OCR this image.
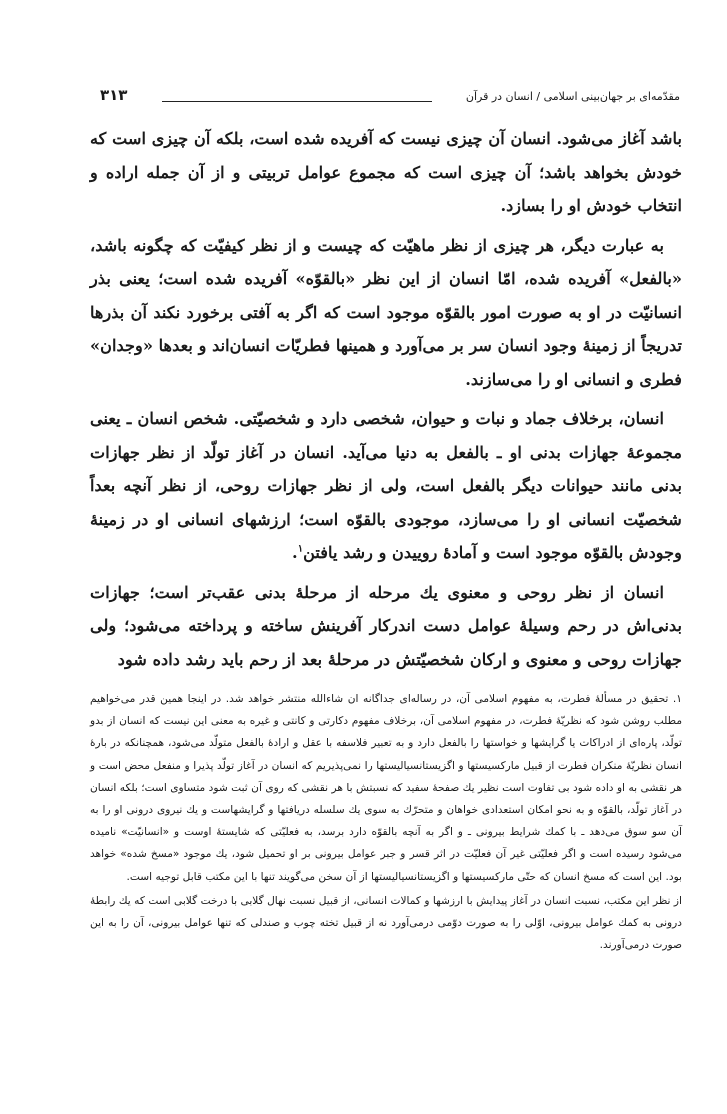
مقدّمه‌ای بر جهان‌بینی اسلامی / انسان در قرآن
۳۱۳

باشد آغاز می‌شود. انسان آن چیزی نیست که آفریده شده است، بلکه آن چیزی است که خودش بخواهد باشد؛ آن چیزی است که مجموع عوامل تربیتی و از آن جمله اراده و انتخاب خودش او را بسازد.

به عبارت دیگر، هر چیزی از نظر ماهیّت که چیست و از نظر کیفیّت که چگونه باشد، «بالفعل» آفریده شده، امّا انسان از این نظر «بالقوّه» آفریده شده است؛ یعنی بذر انسانیّت در او به صورت امور بالقوّه موجود است که اگر به آفتی برخورد نکند آن بذرها تدریجاً از زمینهٔ وجود انسان سر بر می‌آورد و همینها فطریّات انسان‌اند و بعدها «وجدان» فطری و انسانی او را می‌سازند.

انسان، برخلاف جماد و نبات و حیوان، شخصی دارد و شخصیّتی. شخص انسان ـ یعنی مجموعهٔ جهازات بدنی او ـ بالفعل به دنیا می‌آید. انسان در آغاز تولّد از نظر جهازات بدنی مانند حیوانات دیگر بالفعل است، ولی از نظر جهازات روحی، از نظر آنچه بعداً شخصیّت انسانی او را می‌سازد، موجودی بالقوّه است؛ ارزشهای انسانی او در زمینهٔ وجودش بالقوّه موجود است و آمادهٔ روییدن و رشد یافتن$^۱$.

انسان از نظر روحی و معنوی یك مرحله از مرحلهٔ بدنی عقب‌تر است؛ جهازات بدنی‌اش در رحم وسیلهٔ عوامل دست اندرکار آفرینش ساخته و پرداخته می‌شود؛ ولی جهازات روحی و معنوی و ارکان شخصیّتش در مرحلهٔ بعد از رحم باید رشد داده شود

۱. تحقیق در مسألهٔ فطرت، به مفهوم اسلامی آن، در رساله‌ای جداگانه ان شاءالله منتشر خواهد شد. در اینجا همین قدر می‌خواهیم مطلب روشن شود که نظریّهٔ فطرت، در مفهوم اسلامی آن، برخلاف مفهوم دکارتی و کانتی و غیره به معنی این نیست که انسان از بدو تولّد، پاره‌ای از ادراکات یا گرایشها و خواستها را بالفعل دارد و به تعبیر فلاسفه با عقل و ارادهٔ بالفعل متولّد می‌شود، همچنانکه در بارهٔ انسان نظریّهٔ منکران فطرت از قبیل مارکسیستها و اگزیستانسیالیستها را نمی‌پذیریم که انسان در آغاز تولّد پذیرا و منفعل محض است و هر نقشی به او داده شود بی تفاوت است نظیر یك صفحهٔ سفید که نسبتش با هر نقشی که روی آن ثبت شود متساوی است؛ بلکه انسان در آغاز تولّد، بالقوّه و به نحو امکان استعدادی خواهان و متحرّك به سوی یك سلسله دریافتها و گرایشهاست و یك نیروی درونی او را به آن سو سوق می‌دهد ـ با کمك شرایط بیرونی ـ و اگر به آنچه بالقوّه دارد برسد، به فعلیّتی که شایستهٔ اوست و «انسانیّت» نامیده می‌شود رسیده است و اگر فعلیّتی غیر آن فعلیّت در اثر قسر و جبر عوامل بیرونی بر او تحمیل شود، یك موجود «مسخ شده» خواهد بود. این است که مسخ انسان که حتّی مارکسیستها و اگزیستانسیالیستها از آن سخن می‌گویند تنها با این مکتب قابل توجیه است.

از نظر این مکتب، نسبت انسان در آغاز پیدایش با ارزشها و کمالات انسانی، از قبیل نسبت نهال گلابی با درخت گلابی است که یك رابطهٔ درونی به کمك عوامل بیرونی، اوّلی را به صورت دوّمی درمی‌آورد نه از قبیل تخته چوب و صندلی که تنها عوامل بیرونی، آن را به این صورت درمی‌آورند.
